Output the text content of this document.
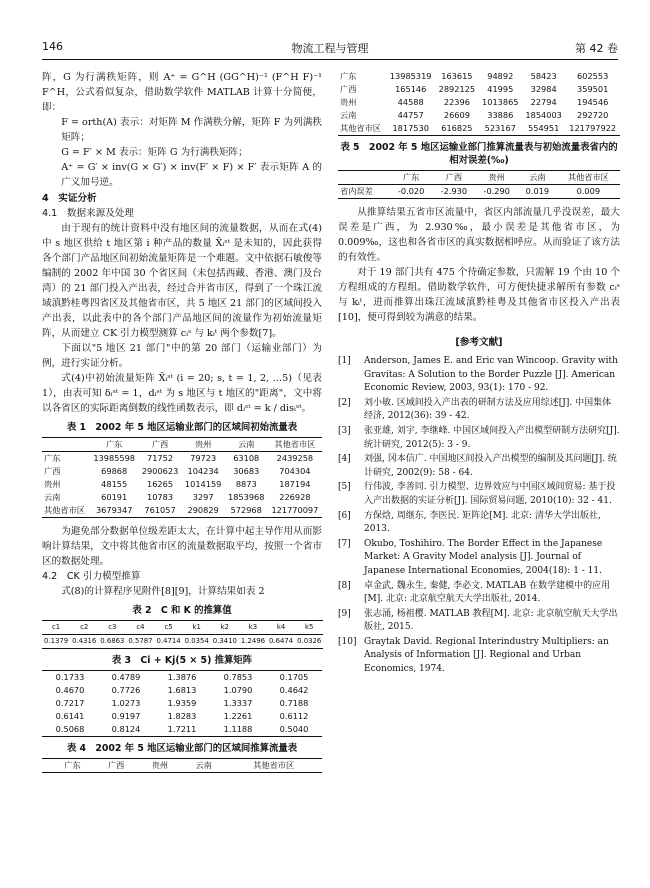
146	物流工程与管理	第 42 卷

阵，G 为行满秩矩阵，则 A⁺ = G^H (GG^H)⁻¹ (F^H F)⁻¹ F^H，公式看似复杂，借助数学软件 MATLAB 计算十分简便，即：

F = orth(A) 表示：对矩阵 M 作满秩分解，矩阵 F 为列满秩矩阵；

G = F′ × M 表示：矩阵 G 为行满秩矩阵；

A⁺ = G′ × inv(G × G′) × inv(F′ × F) × F′ 表示矩阵 A 的广义加号逆。

4　实证分析

4.1　数据来源及处理

由于现有的统计资料中没有地区间的流量数据，从而在式(4)中 s 地区供给 t 地区第 i 种产品的数量 X̄ᵢˢᵗ 是未知的，因此获得各个部门产品地区间初始流量矩阵是一个难题。文中依据石敏俊等编制的 2002 年中国 30 个省区间（未包括西藏、香港、澳门及台湾）的 21 部门投入产出表，经过合并省市区，得到了一个珠江流域滇黔桂粤四省区及其他省市区，共 5 地区 21 部门的区域间投入产出表，以此表中的各个部门产品地区间的流量作为初始流量矩阵，从而建立 CK 引力模型测算 cᵢˢ 与 kᵢᵗ 两个参数[7]。

下面以"5 地区 21 部门"中的第 20 部门（运输业部门）为例，进行实证分析。

式(4)中初始流量矩阵 X̄ᵢˢᵗ (i = 20; s, t = 1, 2, …5)（见表1），由表可知 δᵢˢᵗ = 1，dᵢˢᵗ 为 s 地区与 t 地区的"距离"，文中将以各省区的实际距离倒数的线性函数表示，即 dᵢˢᵗ = k / disᵢˢᵗ。

表 1　2002 年 5 地区运输业部门的区域间初始流量表
	广东	广西	贵州	云南	其他省市区
广东	13985598	71752	79723	63108	2439258
广西	69868	2900623	104234	30683	704304
贵州	48155	16265	1014159	8873	187194
云南	60191	10783	3297	1853968	226928
其他省市区	3679347	761057	290829	572968	121770097

为避免部分数据单位级差距太大，在计算中起主导作用从而影响计算结果，文中将其他省市区的流量数据取平均，按照一个省市区的数据处理。

4.2　CK 引力模型推算

式(8)的计算程序见附件[8][9]，计算结果如表 2

表 2　C 和 K 的推算值
c1	c2	c3	c4	c5	k1	k2	k3	k4	k5
0.1379	0.4316	0.6863	0.5787	0.4714	0.0354	0.3410	1.2496	0.6474	0.0326
表 3　Ci + Kj(5 × 5) 推算矩阵
0.1733	0.4789	1.3876	0.7853	0.1705
0.4670	0.7726	1.6813	1.0790	0.4642
0.7217	1.0273	1.9359	1.3337	0.7188
0.6141	0.9197	1.8283	1.2261	0.6112
0.5068	0.8124	1.7211	1.1188	0.5040
表 4　2002 年 5 地区运输业部门的区域间推算流量表
	广东	广西	贵州	云南	其他省市区
广东	13985319	163615	94892	58423	602553
广西	165146	2892125	41995	32984	359501
贵州	44588	22396	1013865	22794	194546
云南	44757	26609	33886	1854003	292720
其他省市区	1817530	616825	523167	554951	121797922
表 5　2002 年 5 地区运输业部门推算流量表与初始流量表省内的相对误差(‰)
	广东	广西	贵州	云南	其他省市区
省内误差	-0.020	-2.930	-0.290	0.019	0.009

从推算结果五省市区流量中，省区内部流量几乎没误差，最大误差是广西，为 2.930‰，最小误差是其他省市区，为 0.009‰，这也和各省市区的真实数据相呼应。从而验证了该方法的有效性。

对于 19 部门共有 475 个待确定参数，只需解 19 个由 10 个方程组成的方程组。借助数学软件，可方便快捷求解所有参数 cᵢˢ 与 kᵢᵗ，进而推算出珠江流域滇黔桂粤及其他省市区投入产出表[10]，便可得到较为满意的结果。

[参考文献]
[1] Anderson, James E. and Eric van Wincoop. Gravity with Gravitas: A Solution to the Border Puzzle [J]. American Economic Review, 2003, 93(1): 170 - 92.
[2] 刘小敏. 区域间投入产出表的研制方法及应用综述[J]. 中国集体经济, 2012(36): 39 - 42.
[3] 张亚雄, 刘宇, 李继峰. 中国区域间投入产出模型研制方法研究[J]. 统计研究, 2012(5): 3 - 9.
[4] 刘强, 冈本信广. 中国地区间投入产出模型的编制及其问题[J]. 统计研究, 2002(9): 58 - 64.
[5] 行伟波, 李善同. 引力模型、边界效应与中国区域间贸易: 基于投入产出数据的实证分析[J]. 国际贸易问题, 2010(10): 32 - 41.
[6] 方保焓, 周继东, 李医民. 矩阵论[M]. 北京: 清华大学出版社, 2013.
[7] Okubo, Toshihiro. The Border Effect in the Japanese Market: A Gravity Model analysis [J]. Journal of Japanese International Economies, 2004(18): 1 - 11.
[8] 卓金武, 魏永生, 秦健, 李必文. MATLAB 在数学建模中的应用[M]. 北京: 北京航空航天大学出版社, 2014.
[9] 张志涌, 杨祖樱. MATLAB 教程[M]. 北京: 北京航空航天大学出版社, 2015.
[10] Graytak David. Regional Interindustry Multipliers: an Analysis of Information [J]. Regional and Urban Economics, 1974.
